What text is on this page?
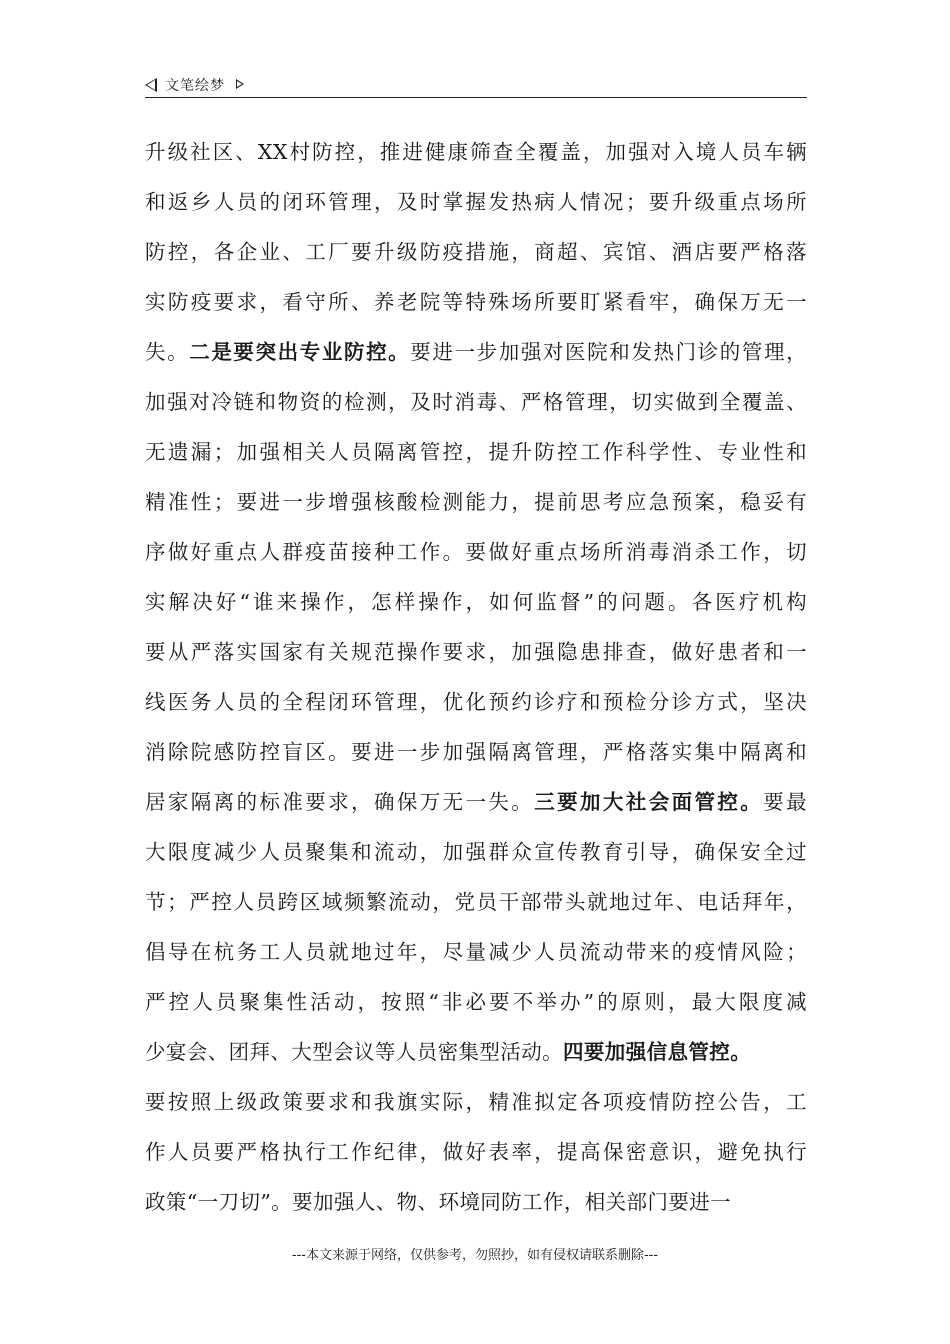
文笔绘梦
升级社区、XX村防控，推进健康筛查全覆盖，加强对入境人员车辆
和返乡人员的闭环管理，及时掌握发热病人情况；要升级重点场所
防控，各企业、工厂要升级防疫措施，商超、宾馆、酒店要严格落
实防疫要求，看守所、养老院等特殊场所要盯紧看牢，确保万无一
失。二是要突出专业防控。要进一步加强对医院和发热门诊的管理，
加强对冷链和物资的检测，及时消毒、严格管理，切实做到全覆盖、
无遗漏；加强相关人员隔离管控，提升防控工作科学性、专业性和
精准性；要进一步增强核酸检测能力，提前思考应急预案，稳妥有
序做好重点人群疫苗接种工作。要做好重点场所消毒消杀工作，切
实解决好“谁来操作，怎样操作，如何监督”的问题。各医疗机构
要从严落实国家有关规范操作要求，加强隐患排查，做好患者和一
线医务人员的全程闭环管理，优化预约诊疗和预检分诊方式，坚决
消除院感防控盲区。要进一步加强隔离管理，严格落实集中隔离和
居家隔离的标准要求，确保万无一失。三要加大社会面管控。要最
大限度减少人员聚集和流动，加强群众宣传教育引导，确保安全过
节；严控人员跨区域频繁流动，党员干部带头就地过年、电话拜年，
倡导在杭务工人员就地过年，尽量减少人员流动带来的疫情风险；
严控人员聚集性活动，按照“非必要不举办”的原则，最大限度减
少宴会、团拜、大型会议等人员密集型活动。四要加强信息管控。
要按照上级政策要求和我旗实际，精准拟定各项疫情防控公告，工
作人员要严格执行工作纪律，做好表率，提高保密意识，避免执行
政策“一刀切”。要加强人、物、环境同防工作，相关部门要进一
---本文来源于网络，仅供参考，勿照抄，如有侵权请联系删除---
